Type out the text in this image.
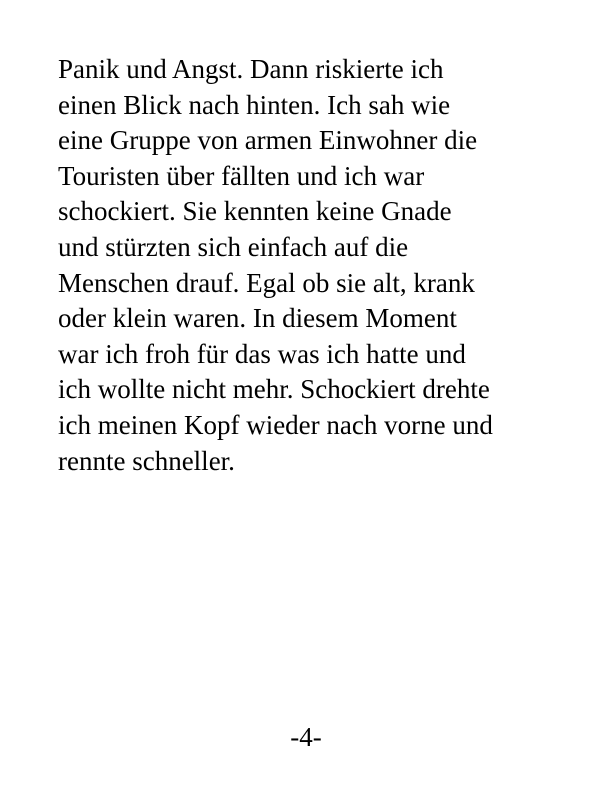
Panik und Angst. Dann riskierte ich
einen Blick nach hinten. Ich sah wie
eine Gruppe von armen Einwohner die
Touristen über fällten und ich war
schockiert. Sie kennten keine Gnade
und stürzten sich einfach auf die
Menschen drauf. Egal ob sie alt, krank
oder klein waren. In diesem Moment
war ich froh für das was ich hatte und
ich wollte nicht mehr. Schockiert drehte
ich meinen Kopf wieder nach vorne und
rennte schneller.

-4-
